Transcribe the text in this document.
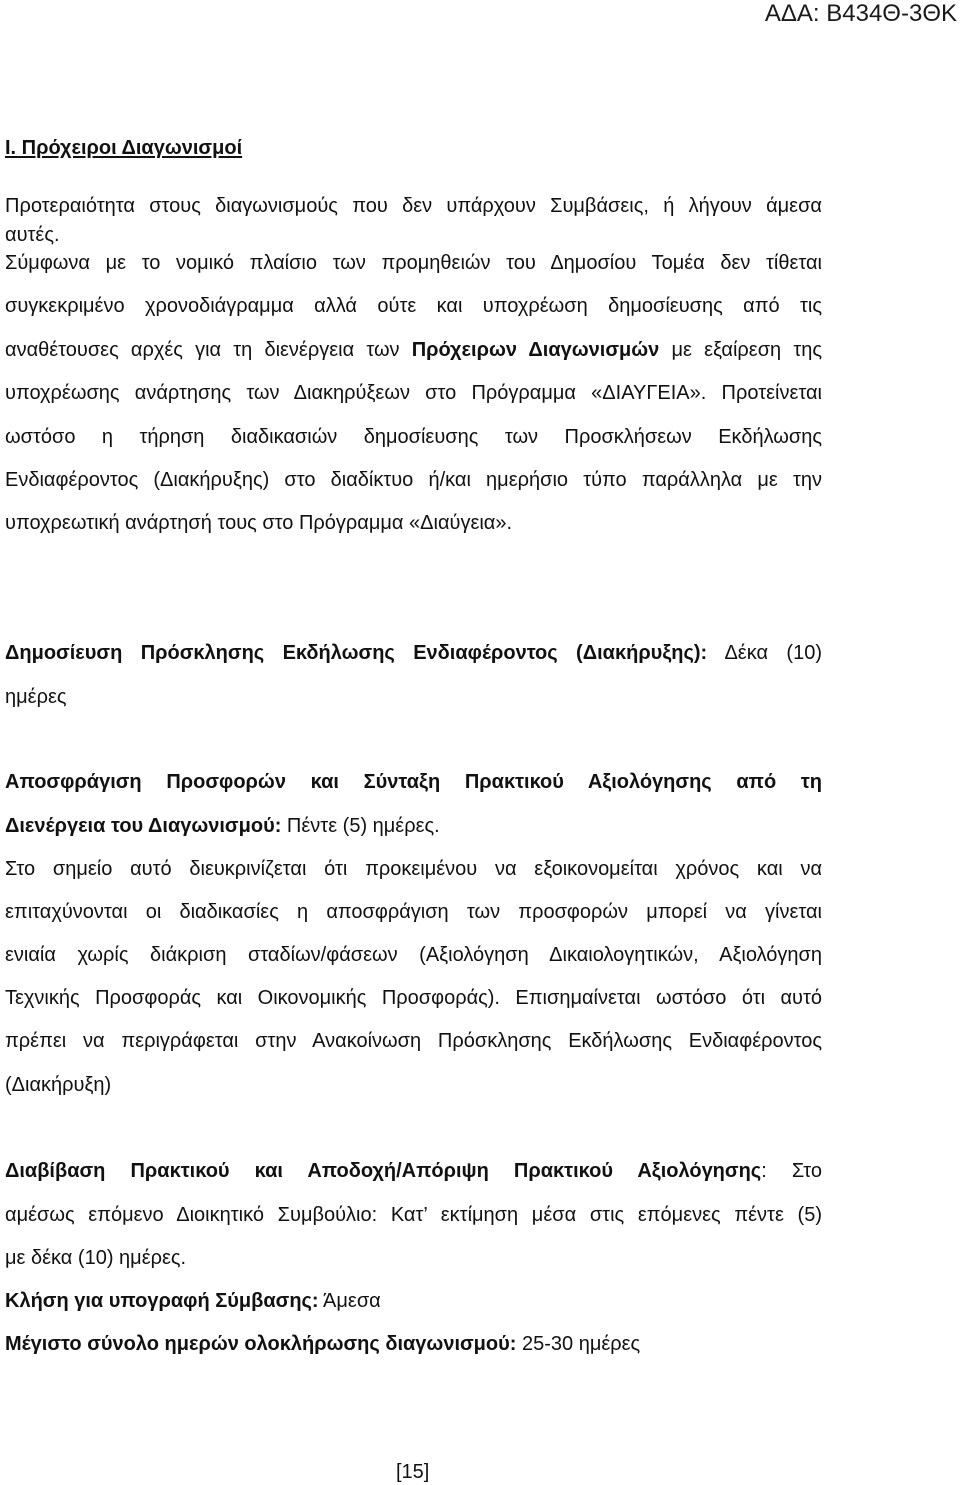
ΑΔΑ: Β434Θ-3ΘΚ
I. Πρόχειροι Διαγωνισμοί
Προτεραιότητα στους διαγωνισμούς που δεν υπάρχουν Συμβάσεις, ή λήγουν άμεσα
αυτές.
Σύμφωνα με το νομικό πλαίσιο των προμηθειών του Δημοσίου Τομέα δεν τίθεται
συγκεκριμένο χρονοδιάγραμμα αλλά ούτε και υποχρέωση δημοσίευσης από τις
αναθέτουσες αρχές για τη διενέργεια των Πρόχειρων Διαγωνισμών με εξαίρεση της
υποχρέωσης ανάρτησης των Διακηρύξεων στο Πρόγραμμα «ΔΙΑΥΓΕΙΑ». Προτείνεται
ωστόσο η τήρηση διαδικασιών δημοσίευσης των Προσκλήσεων Εκδήλωσης
Ενδιαφέροντος (Διακήρυξης) στο διαδίκτυο ή/και ημερήσιο τύπο παράλληλα με την
υποχρεωτική ανάρτησή τους στο Πρόγραμμα «Διαύγεια».
Δημοσίευση Πρόσκλησης Εκδήλωσης Ενδιαφέροντος (Διακήρυξης): Δέκα (10)
ημέρες
Αποσφράγιση Προσφορών και Σύνταξη Πρακτικού Αξιολόγησης από τη
Διενέργεια του Διαγωνισμού: Πέντε (5) ημέρες.
Στο σημείο αυτό διευκρινίζεται ότι προκειμένου να εξοικονομείται χρόνος και να
επιταχύνονται οι διαδικασίες η αποσφράγιση των προσφορών μπορεί να γίνεται
ενιαία χωρίς διάκριση σταδίων/φάσεων (Αξιολόγηση Δικαιολογητικών, Αξιολόγηση
Τεχνικής Προσφοράς και Οικονομικής Προσφοράς). Επισημαίνεται ωστόσο ότι αυτό
πρέπει να περιγράφεται στην Ανακοίνωση Πρόσκλησης Εκδήλωσης Ενδιαφέροντος
(Διακήρυξη)
Διαβίβαση Πρακτικού και Αποδοχή/Απόριψη Πρακτικού Αξιολόγησης: Στο
αμέσως επόμενο Διοικητικό Συμβούλιο: Κατ’ εκτίμηση μέσα στις επόμενες πέντε (5)
με δέκα (10) ημέρες.
Κλήση για υπογραφή Σύμβασης: Άμεσα
Μέγιστο σύνολο ημερών ολοκλήρωσης διαγωνισμού: 25-30 ημέρες
[15]
